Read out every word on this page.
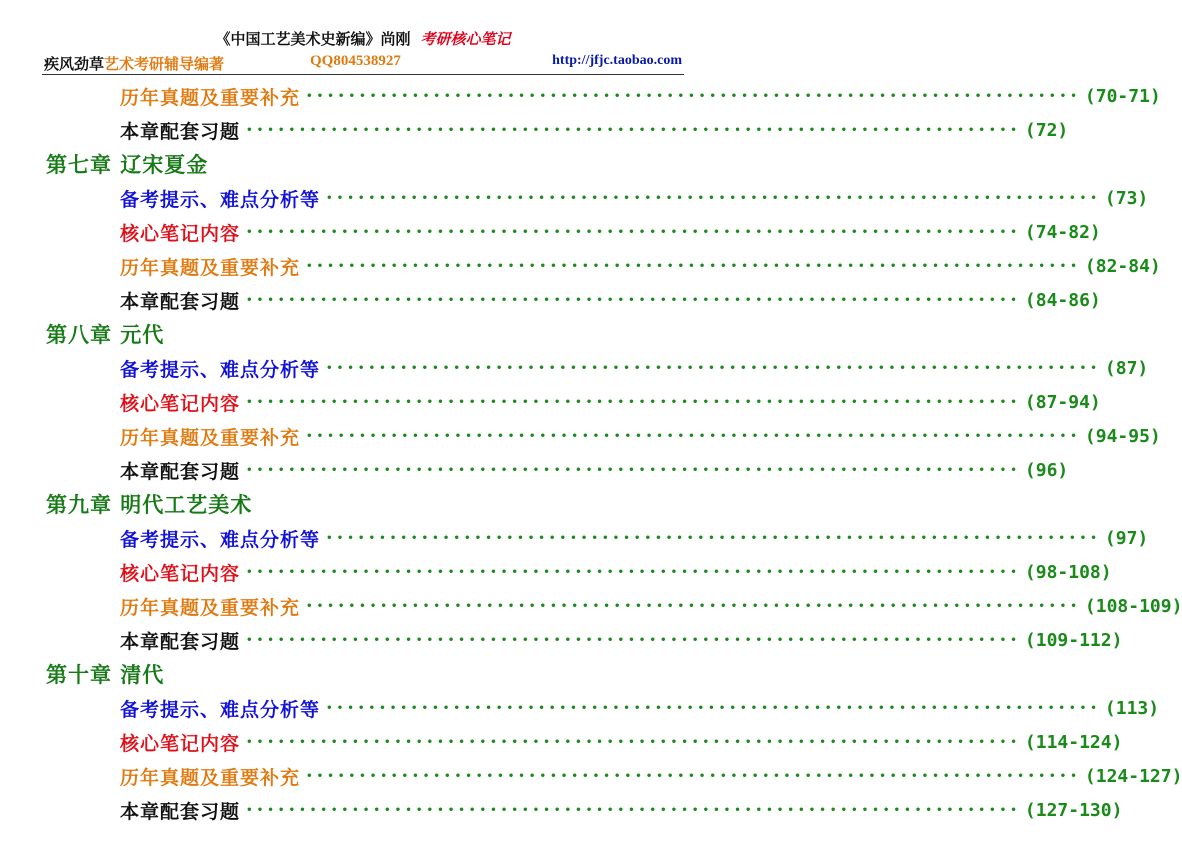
《中国工艺美术史新编》尚刚 考研核心笔记
疾风劲草艺术考研辅导编著	QQ804538927	http://jfjc.taobao.com
历年真题及重要补充 ········································································· (70-71)
本章配套习题 ········································································· (72)
第七章 辽宋夏金
备考提示、难点分析等 ········································································· (73)
核心笔记内容 ········································································· (74-82)
历年真题及重要补充 ········································································· (82-84)
本章配套习题 ········································································· (84-86)
第八章 元代
备考提示、难点分析等 ········································································· (87)
核心笔记内容 ········································································· (87-94)
历年真题及重要补充 ········································································· (94-95)
本章配套习题 ········································································· (96)
第九章 明代工艺美术
备考提示、难点分析等 ········································································· (97)
核心笔记内容 ········································································· (98-108)
历年真题及重要补充 ········································································· (108-109)
本章配套习题 ········································································· (109-112)
第十章 清代
备考提示、难点分析等 ········································································· (113)
核心笔记内容 ········································································· (114-124)
历年真题及重要补充 ········································································· (124-127)
本章配套习题 ········································································· (127-130)
